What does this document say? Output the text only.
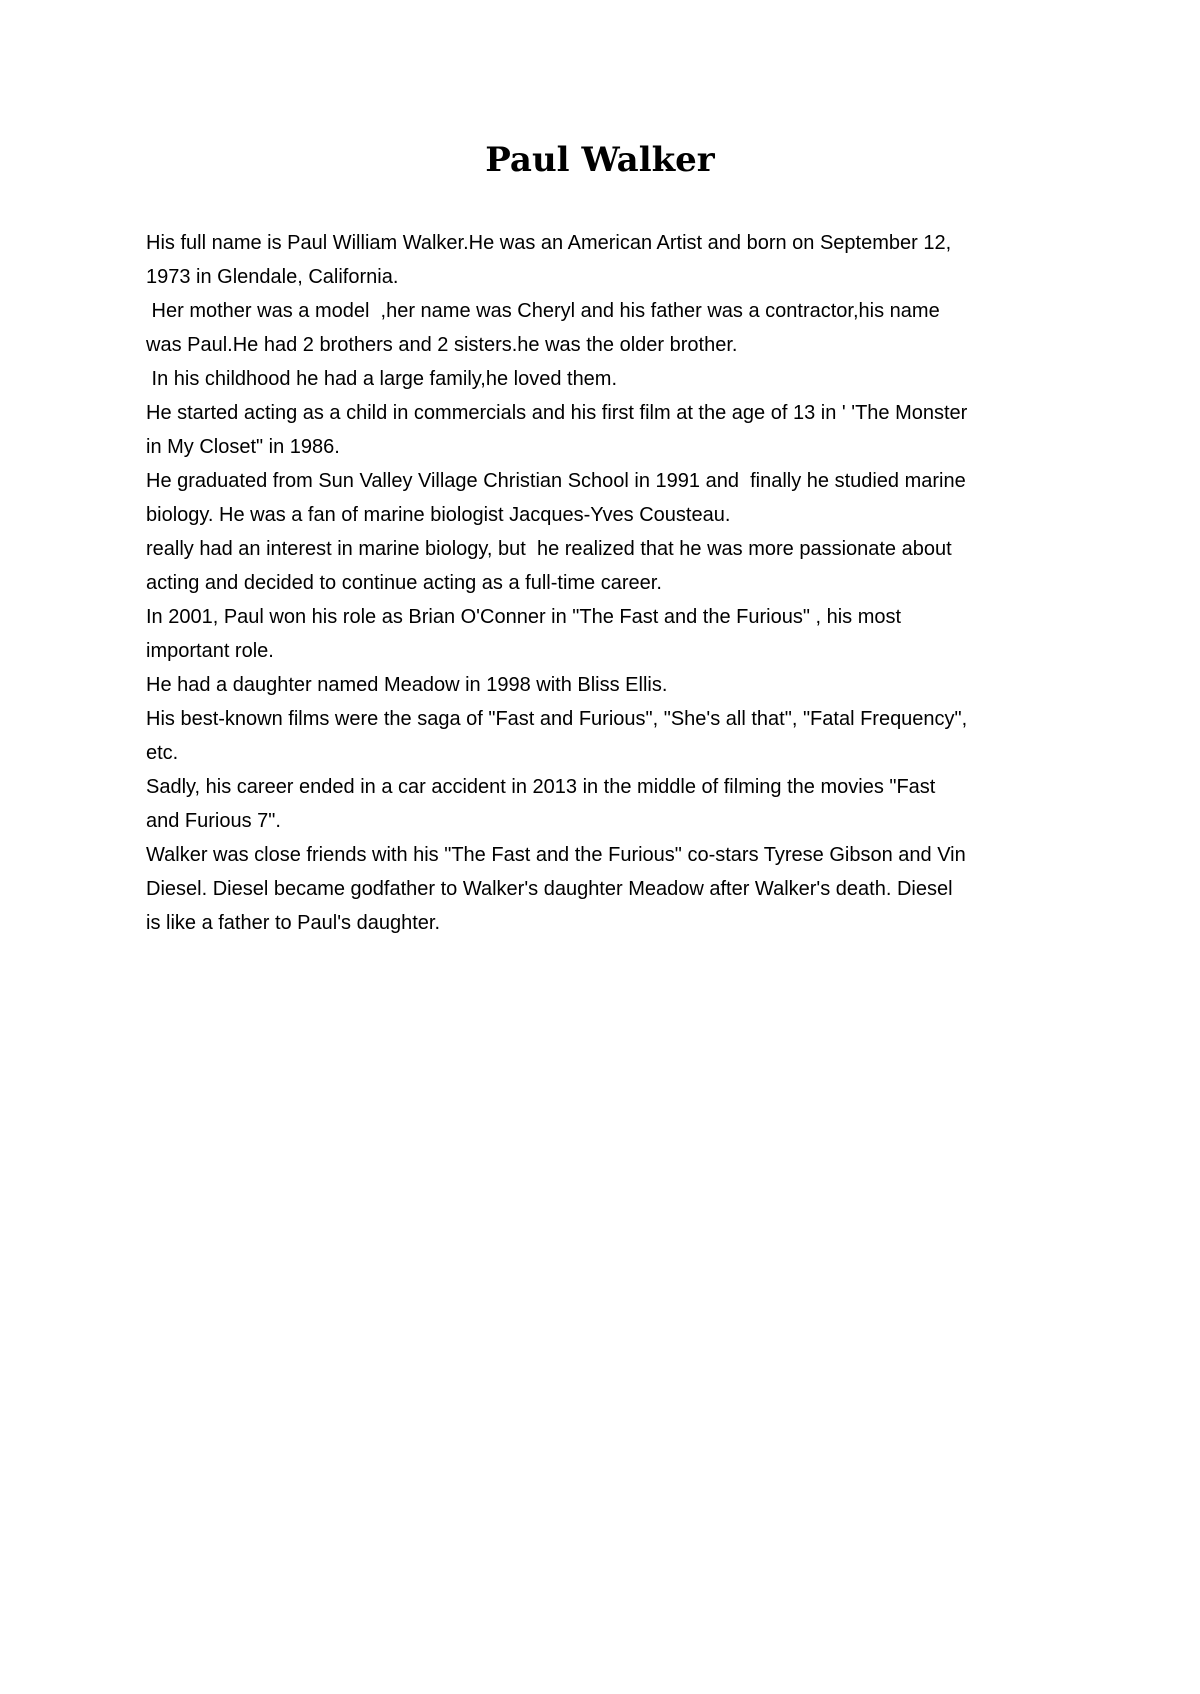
Paul Walker
His full name is Paul William Walker.He was an American Artist and born on September 12,
1973 in Glendale, California.
Her mother was a model  ,her name was Cheryl and his father was a contractor,his name
was Paul.He had 2 brothers and 2 sisters.he was the older brother.
In his childhood he had a large family,he loved them.
He started acting as a child in commercials and his first film at the age of 13 in ' 'The Monster
in My Closet" in 1986.
He graduated from Sun Valley Village Christian School in 1991 and  finally he studied marine
biology. He was a fan of marine biologist Jacques-Yves Cousteau.
really had an interest in marine biology, but  he realized that he was more passionate about
acting and decided to continue acting as a full-time career.
In 2001, Paul won his role as Brian O'Conner in "The Fast and the Furious" , his most
important role.
He had a daughter named Meadow in 1998 with Bliss Ellis.
His best-known films were the saga of "Fast and Furious", "She's all that", "Fatal Frequency",
etc.
Sadly, his career ended in a car accident in 2013 in the middle of filming the movies "Fast
and Furious 7".
Walker was close friends with his "The Fast and the Furious" co-stars Tyrese Gibson and Vin
Diesel. Diesel became godfather to Walker's daughter Meadow after Walker's death. Diesel
is like a father to Paul's daughter.
